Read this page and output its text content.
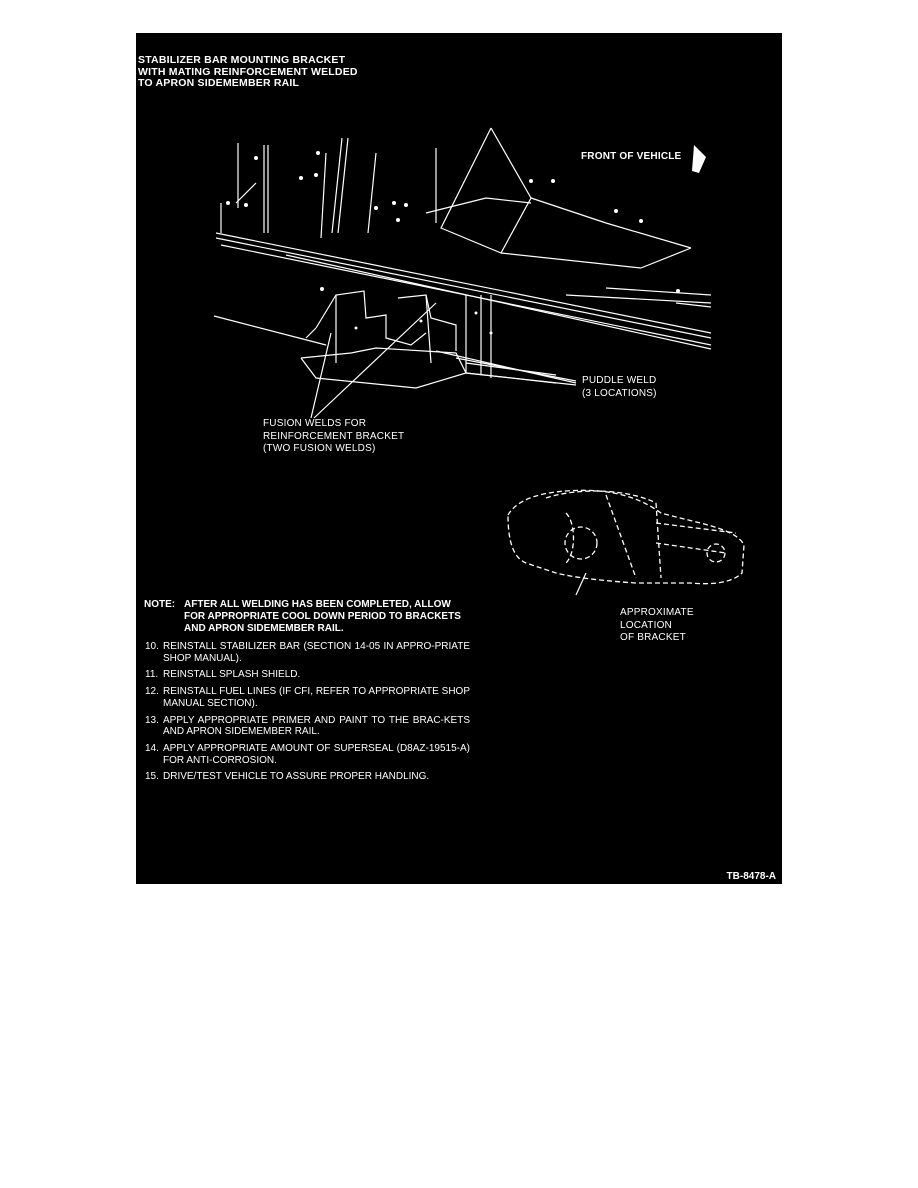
STABILIZER BAR MOUNTING BRACKET
WITH MATING REINFORCEMENT WELDED
TO APRON SIDEMEMBER RAIL
FRONT OF VEHICLE
PUDDLE WELD
(3 LOCATIONS)
FUSION WELDS FOR
REINFORCEMENT BRACKET
(TWO FUSION WELDS)
APPROXIMATE
LOCATION
OF BRACKET
NOTE: AFTER ALL WELDING HAS BEEN COMPLETED, ALLOW FOR APPROPRIATE COOL DOWN PERIOD TO BRACKETS AND APRON SIDEMEMBER RAIL.
10. REINSTALL STABILIZER BAR (SECTION 14-05 IN APPRO-PRIATE SHOP MANUAL).
11. REINSTALL SPLASH SHIELD.
12. REINSTALL FUEL LINES (IF CFI, REFER TO APPROPRIATE SHOP MANUAL SECTION).
13. APPLY APPROPRIATE PRIMER AND PAINT TO THE BRAC-KETS AND APRON SIDEMEMBER RAIL.
14. APPLY APPROPRIATE AMOUNT OF SUPERSEAL (D8AZ-19515-A) FOR ANTI-CORROSION.
15. DRIVE/TEST VEHICLE TO ASSURE PROPER HANDLING.
TB-8478-A
